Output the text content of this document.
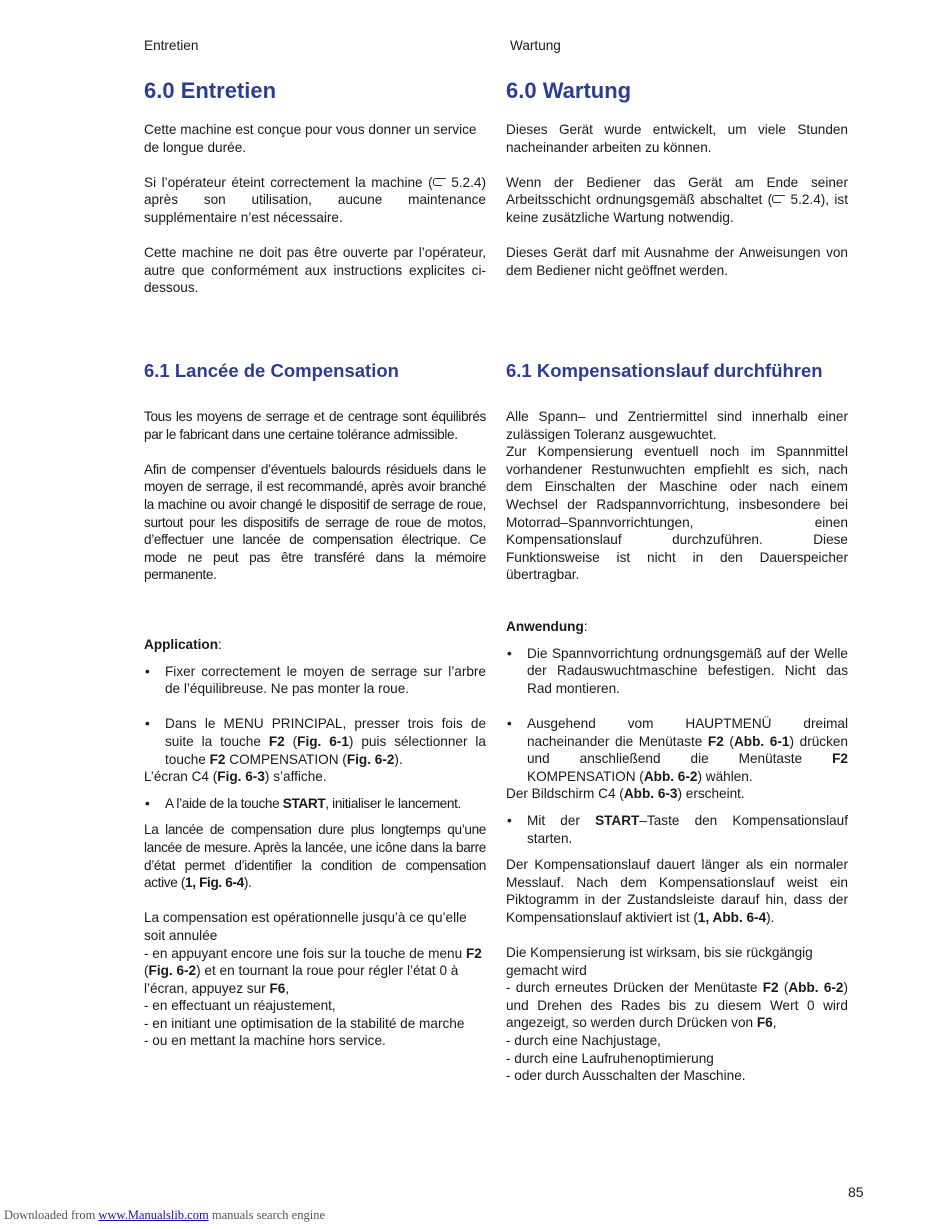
Entretien	Wartung
6.0 Entretien	6.0 Wartung

Cette machine est conçue pour vous donner un service de longue durée.

Si l’opérateur éteint correctement la machine ( 5.2.4) après son utilisation, aucune maintenance supplémentaire n’est nécessaire.

Cette machine ne doit pas être ouverte par l’opérateur, autre que conformément aux instructions explicites ci-dessous.

Dieses Gerät wurde entwickelt, um viele Stunden nacheinander arbeiten zu können.

Wenn der Bediener das Gerät am Ende seiner Arbeitsschicht ordnungsgemäß abschaltet ( 5.2.4), ist keine zusätzliche Wartung notwendig.

Dieses Gerät darf mit Ausnahme der Anweisungen von dem Bediener nicht geöffnet werden.

6.1 Lancée de Compensation	6.1 Kompensationslauf durchführen

Tous les moyens de serrage et de centrage sont équilibrés par le fabricant dans une certaine tolérance admissible.

Afin de compenser d’éventuels balourds résiduels dans le moyen de serrage, il est recommandé, après avoir branché la machine ou avoir changé le dispositif de serrage de roue, surtout pour les dispositifs de serrage de roue de motos, d’effectuer une lancée de compensation électrique. Ce mode ne peut pas être transféré dans la mémoire permanente.

Alle Spann– und Zentriermittel sind innerhalb einer zulässigen Toleranz ausgewuchtet.

Zur Kompensierung eventuell noch im Spannmittel vorhandener Restunwuchten empfiehlt es sich, nach dem Einschalten der Maschine oder nach einem Wechsel der Radspannvorrichtung, insbesondere bei Motorrad–Spannvorrichtungen, einen Kompensationslauf durchzuführen. Diese Funktionsweise ist nicht in den Dauerspeicher übertragbar.

Application:

• Fixer correctement le moyen de serrage sur l’arbre de l’équilibreuse. Ne pas monter la roue.
• Dans le MENU PRINCIPAL, presser trois fois de suite la touche F2 (Fig. 6-1) puis sélectionner la touche F2 COMPENSATION (Fig. 6-2).

L’écran C4 (Fig. 6-3) s’affiche.

• A l’aide de la touche START, initialiser le lancement.

La lancée de compensation dure plus longtemps qu’une lancée de mesure. Après la lancée, une icône dans la barre d’état permet d’identifier la condition de compensation active (1, Fig. 6-4).

La compensation est opérationnelle jusqu’à ce qu’elle soit annulée

- en appuyant encore une fois sur la touche de menu F2 (Fig. 6-2) et en tournant la roue pour régler l’état 0 à l’écran, appuyez sur F6,

- en effectuant un réajustement,

- en initiant une optimisation de la stabilité de marche

- ou en mettant la machine hors service.

Anwendung:

• Die Spannvorrichtung ordnungsgemäß auf der Welle der Radauswuchtmaschine befestigen. Nicht das Rad montieren.
• Ausgehend vom HAUPTMENÜ dreimal nacheinander die Menütaste F2 (Abb. 6-1) drücken und anschließend die Menütaste F2 KOMPENSATION (Abb. 6-2) wählen.

Der Bildschirm C4 (Abb. 6-3) erscheint.

• Mit der START–Taste den Kompensationslauf starten.

Der Kompensationslauf dauert länger als ein normaler Messlauf. Nach dem Kompensationslauf weist ein Piktogramm in der Zustandsleiste darauf hin, dass der Kompensationslauf aktiviert ist (1, Abb. 6-4).

Die Kompensierung ist wirksam, bis sie rückgängig gemacht wird

- durch erneutes Drücken der Menütaste F2 (Abb. 6-2) und Drehen des Rades bis zu diesem Wert 0 wird angezeigt, so werden durch Drücken von F6,

- durch eine Nachjustage,

- durch eine Laufruhenoptimierung

- oder durch Ausschalten der Maschine.

85
Downloaded from www.Manualslib.com manuals search engine
